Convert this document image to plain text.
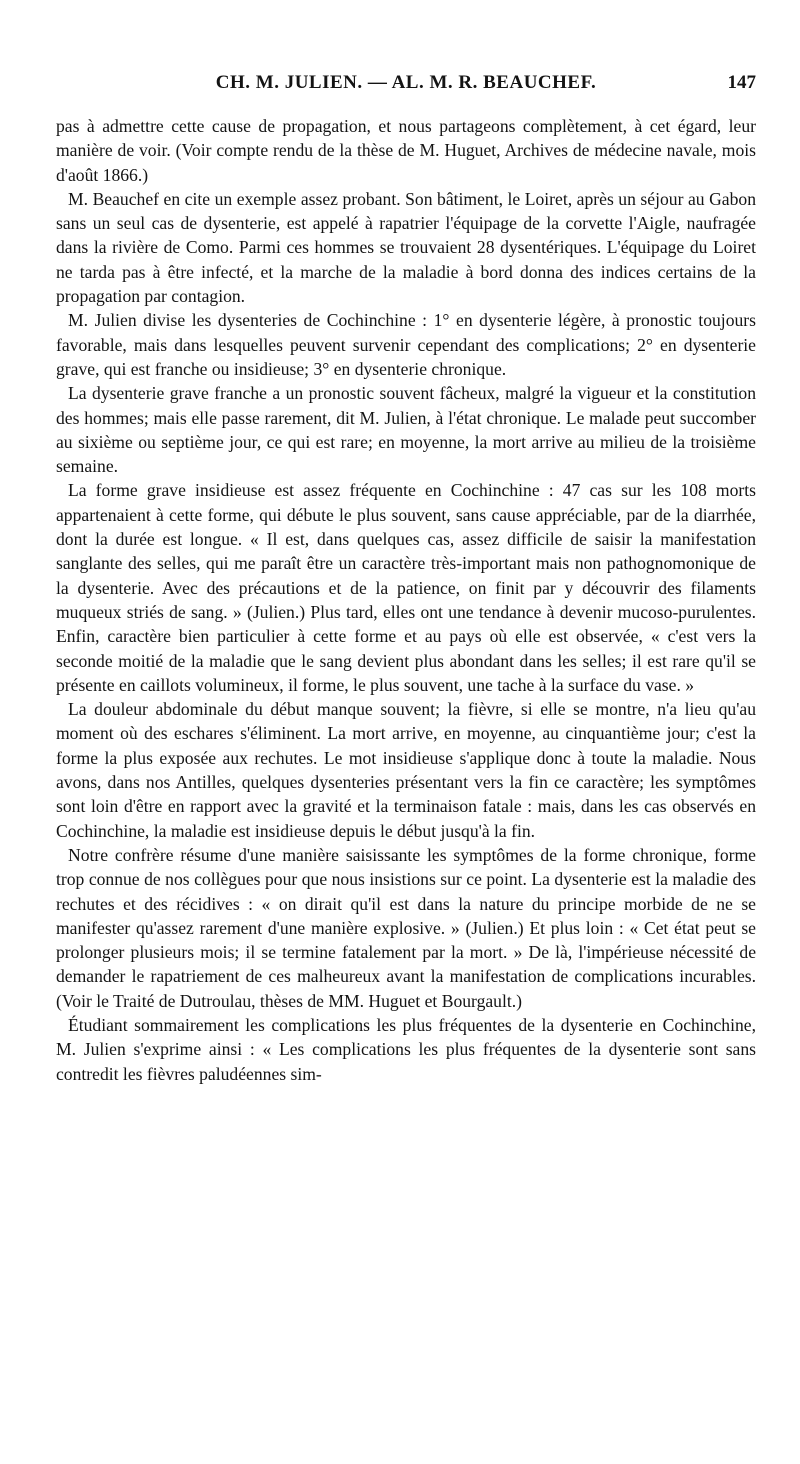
CH. M. JULIEN. — AL. M. R. BEAUCHEF.	147

pas à admettre cette cause de propagation, et nous partageons complètement, à cet égard, leur manière de voir. (Voir compte rendu de la thèse de M. Huguet, Archives de médecine navale, mois d'août 1866.)

M. Beauchef en cite un exemple assez probant. Son bâtiment, le Loiret, après un séjour au Gabon sans un seul cas de dysenterie, est appelé à rapatrier l'équipage de la corvette l'Aigle, naufragée dans la rivière de Como. Parmi ces hommes se trouvaient 28 dysentériques. L'équipage du Loiret ne tarda pas à être infecté, et la marche de la maladie à bord donna des indices certains de la propagation par contagion.

M. Julien divise les dysenteries de Cochinchine : 1° en dysenterie légère, à pronostic toujours favorable, mais dans lesquelles peuvent survenir cependant des complications; 2° en dysenterie grave, qui est franche ou insidieuse; 3° en dysenterie chronique.

La dysenterie grave franche a un pronostic souvent fâcheux, malgré la vigueur et la constitution des hommes; mais elle passe rarement, dit M. Julien, à l'état chronique. Le malade peut succomber au sixième ou septième jour, ce qui est rare; en moyenne, la mort arrive au milieu de la troisième semaine.

La forme grave insidieuse est assez fréquente en Cochinchine : 47 cas sur les 108 morts appartenaient à cette forme, qui débute le plus souvent, sans cause appréciable, par de la diarrhée, dont la durée est longue. « Il est, dans quelques cas, assez difficile de saisir la manifestation sanglante des selles, qui me paraît être un caractère très-important mais non pathognomonique de la dysenterie. Avec des précautions et de la patience, on finit par y découvrir des filaments muqueux striés de sang. » (Julien.) Plus tard, elles ont une tendance à devenir mucoso-purulentes. Enfin, caractère bien particulier à cette forme et au pays où elle est observée, « c'est vers la seconde moitié de la maladie que le sang devient plus abondant dans les selles; il est rare qu'il se présente en caillots volumineux, il forme, le plus souvent, une tache à la surface du vase. »

La douleur abdominale du début manque souvent; la fièvre, si elle se montre, n'a lieu qu'au moment où des eschares s'éliminent. La mort arrive, en moyenne, au cinquantième jour; c'est la forme la plus exposée aux rechutes. Le mot insidieuse s'applique donc à toute la maladie. Nous avons, dans nos Antilles, quelques dysenteries présentant vers la fin ce caractère; les symptômes sont loin d'être en rapport avec la gravité et la terminaison fatale : mais, dans les cas observés en Cochinchine, la maladie est insidieuse depuis le début jusqu'à la fin.

Notre confrère résume d'une manière saisissante les symptômes de la forme chronique, forme trop connue de nos collègues pour que nous insistions sur ce point. La dysenterie est la maladie des rechutes et des récidives : « on dirait qu'il est dans la nature du principe morbide de ne se manifester qu'assez rarement d'une manière explosive. » (Julien.) Et plus loin : « Cet état peut se prolonger plusieurs mois; il se termine fatalement par la mort. » De là, l'impérieuse nécessité de demander le rapatriement de ces malheureux avant la manifestation de complications incurables. (Voir le Traité de Dutroulau, thèses de MM. Huguet et Bourgault.)

Étudiant sommairement les complications les plus fréquentes de la dysenterie en Cochinchine, M. Julien s'exprime ainsi : « Les complications les plus fréquentes de la dysenterie sont sans contredit les fièvres paludéennes sim-
